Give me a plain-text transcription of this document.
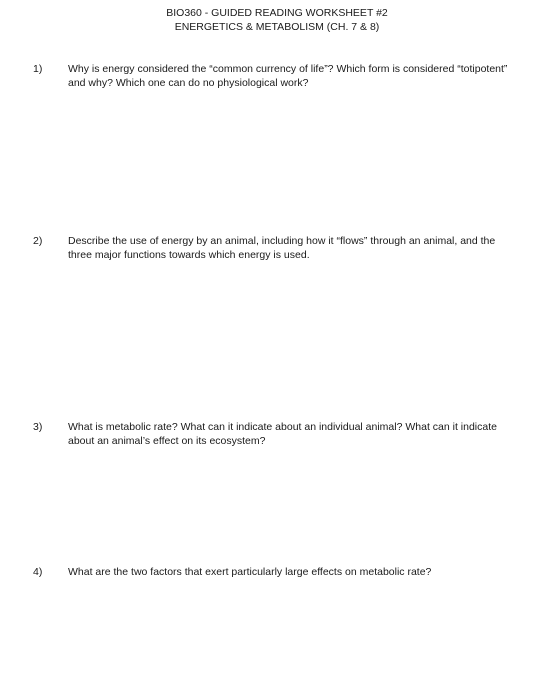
BIO360 - GUIDED READING WORKSHEET #2
ENERGETICS & METABOLISM (CH. 7 & 8)
1) Why is energy considered the “common currency of life”? Which form is considered “totipotent” and why? Which one can do no physiological work?
2) Describe the use of energy by an animal, including how it “flows” through an animal, and the three major functions towards which energy is used.
3) What is metabolic rate? What can it indicate about an individual animal? What can it indicate about an animal’s effect on its ecosystem?
4) What are the two factors that exert particularly large effects on metabolic rate?
